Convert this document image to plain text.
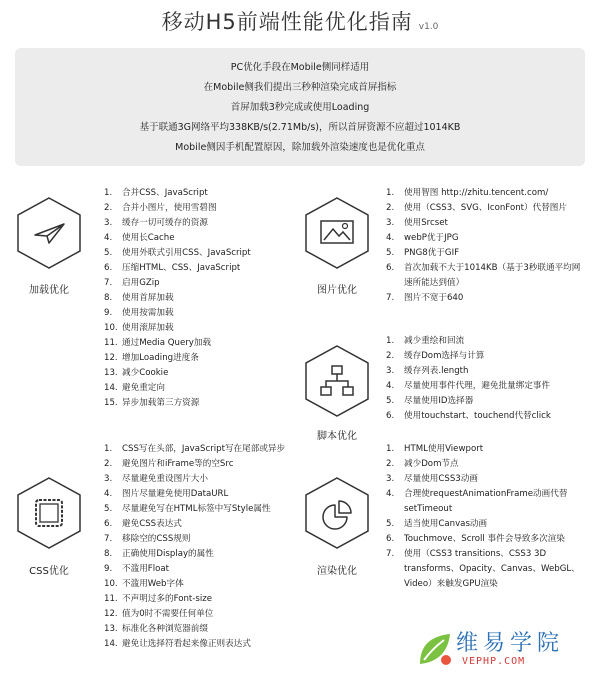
移动H5前端性能优化指南 v1.0
PC优化手段在Mobile侧同样适用
在Mobile侧我们提出三秒种渲染完成首屏指标
首屏加载3秒完成或使用Loading
基于联通3G网络平均338KB/s(2.71Mb/s)，所以首屏资源不应超过1014KB
Mobile侧因手机配置原因，除加载外渲染速度也是优化重点
加载优化
1. 合并CSS、JavaScript
2. 合并小图片，使用雪碧图
3. 缓存一切可缓存的资源
4. 使用长Cache
5. 使用外联式引用CSS、JavaScript
6. 压缩HTML、CSS、JavaScript
7. 启用GZip
8. 使用首屏加载
9. 使用按需加载
10. 使用滚屏加载
11. 通过Media Query加载
12. 增加Loading进度条
13. 减少Cookie
14. 避免重定向
15. 异步加载第三方资源
图片优化
1. 使用智图 http://zhitu.tencent.com/
2. 使用（CSS3、SVG、IconFont）代替图片
3. 使用Srcset
4. webP优于JPG
5. PNG8优于GIF
6. 首次加载不大于1014KB（基于3秒联通平均网速所能达到值）
7. 图片不宽于640
脚本优化
1. 减少重绘和回流
2. 缓存Dom选择与计算
3. 缓存列表.length
4. 尽量使用事件代理，避免批量绑定事件
5. 尽量使用ID选择器
6. 使用touchstart、touchend代替click
CSS优化
1. CSS写在头部，JavaScript写在尾部或异步
2. 避免图片和iFrame等的空Src
3. 尽量避免重设图片大小
4. 图片尽量避免使用DataURL
5. 尽量避免写在HTML标签中写Style属性
6. 避免CSS表达式
7. 移除空的CSS规则
8. 正确使用Display的属性
9. 不滥用Float
10. 不滥用Web字体
11. 不声明过多的Font-size
12. 值为0时不需要任何单位
13. 标准化各种浏览器前缀
14. 避免让选择符看起来像正则表达式
渲染优化
1. HTML使用Viewport
2. 减少Dom节点
3. 尽量使用CSS3动画
4. 合理使requestAnimationFrame动画代替setTimeout
5. 适当使用Canvas动画
6. Touchmove、Scroll 事件会导致多次渲染
7. 使用（CSS3 transitions、CSS3 3D transforms、Opacity、Canvas、WebGL、Video）来触发GPU渲染
维易学院
VEPHP.COM
